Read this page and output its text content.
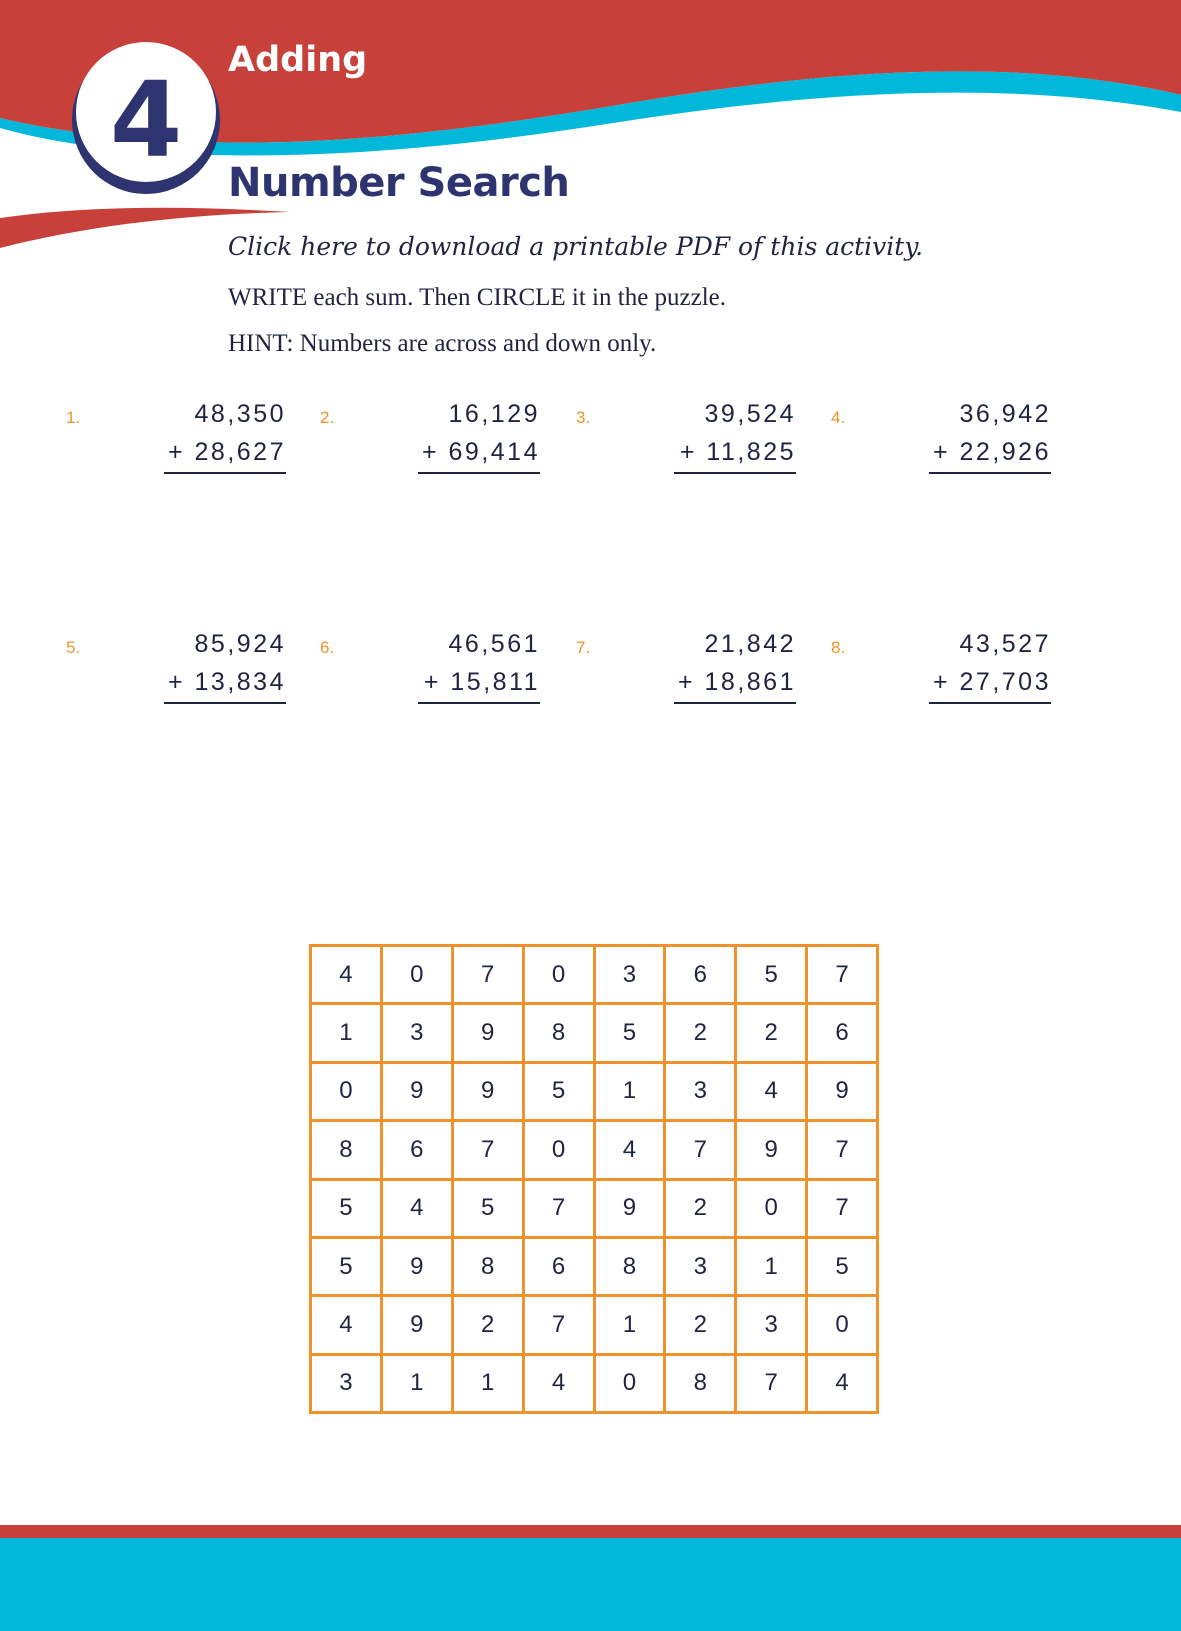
4	Adding
Number Search
Click here to download a printable PDF of this activity.
WRITE each sum. Then CIRCLE it in the puzzle.
HINT: Numbers are across and down only.
1.	48,350
+ 28,627
2.	16,129
+ 69,414
3.	39,524
+ 11,825
4.	36,942
+ 22,926
5.	85,924
+ 13,834
6.	46,561
+ 15,811
7.	21,842
+ 18,861
8.	43,527
+ 27,703
4	0	7	0	3	6	5	7
1	3	9	8	5	2	2	6
0	9	9	5	1	3	4	9
8	6	7	0	4	7	9	7
5	4	5	7	9	2	0	7
5	9	8	6	8	3	1	5
4	9	2	7	1	2	3	0
3	1	1	4	0	8	7	4
